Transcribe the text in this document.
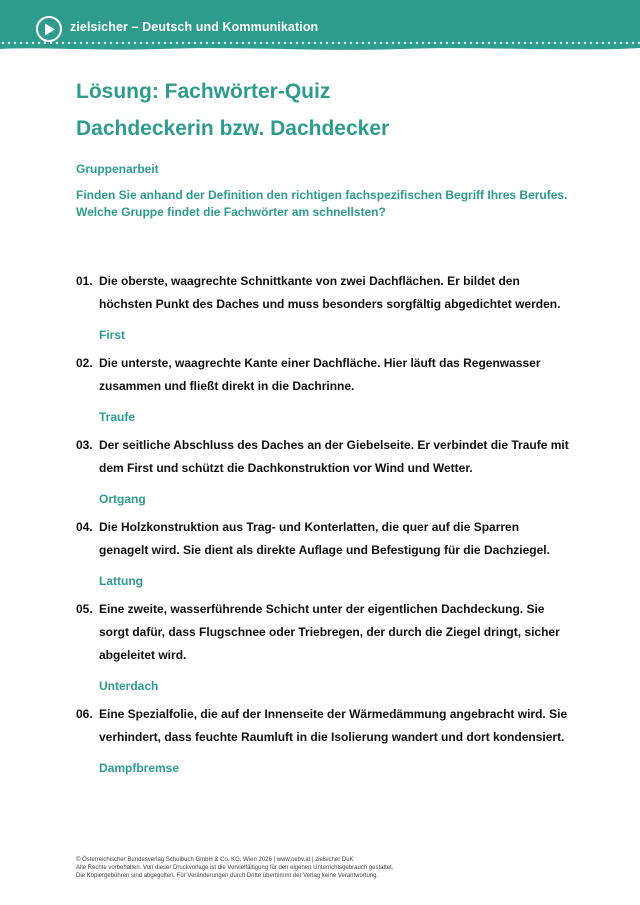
zielsicher – Deutsch und Kommunikation
Lösung: Fachwörter-Quiz
Dachdeckerin bzw. Dachdecker
Gruppenarbeit
Finden Sie anhand der Definition den richtigen fachspezifischen Begriff Ihres Berufes. Welche Gruppe findet die Fachwörter am schnellsten?
01. Die oberste, waagrechte Schnittkante von zwei Dachflächen. Er bildet den höchsten Punkt des Daches und muss besonders sorgfältig abgedichtet werden.
First
02. Die unterste, waagrechte Kante einer Dachfläche. Hier läuft das Regenwasser zusammen und fließt direkt in die Dachrinne.
Traufe
03. Der seitliche Abschluss des Daches an der Giebelseite. Er verbindet die Traufe mit dem First und schützt die Dachkonstruktion vor Wind und Wetter.
Ortgang
04. Die Holzkonstruktion aus Trag- und Konterlatten, die quer auf die Sparren genagelt wird. Sie dient als direkte Auflage und Befestigung für die Dachziegel.
Lattung
05. Eine zweite, wasserführende Schicht unter der eigentlichen Dachdeckung. Sie sorgt dafür, dass Flugschnee oder Triebregen, der durch die Ziegel dringt, sicher abgeleitet wird.
Unterdach
06. Eine Spezialfolie, die auf der Innenseite der Wärmedämmung angebracht wird. Sie verhindert, dass feuchte Raumluft in die Isolierung wandert und dort kondensiert.
Dampfbremse
© Österreichischer Bundesverlag Schulbuch GmbH & Co. KG, Wien 2026 | www.oebv.at | zielsicher DuK
Alle Rechte vorbehalten. Von dieser Druckvorlage ist die Vervielfältigung für den eigenen Unterrichtsgebrauch gestattet.
Die Kopiergebühren sind abgegolten. Für Veränderungen durch Dritte übernimmt der Verlag keine Verantwortung.
